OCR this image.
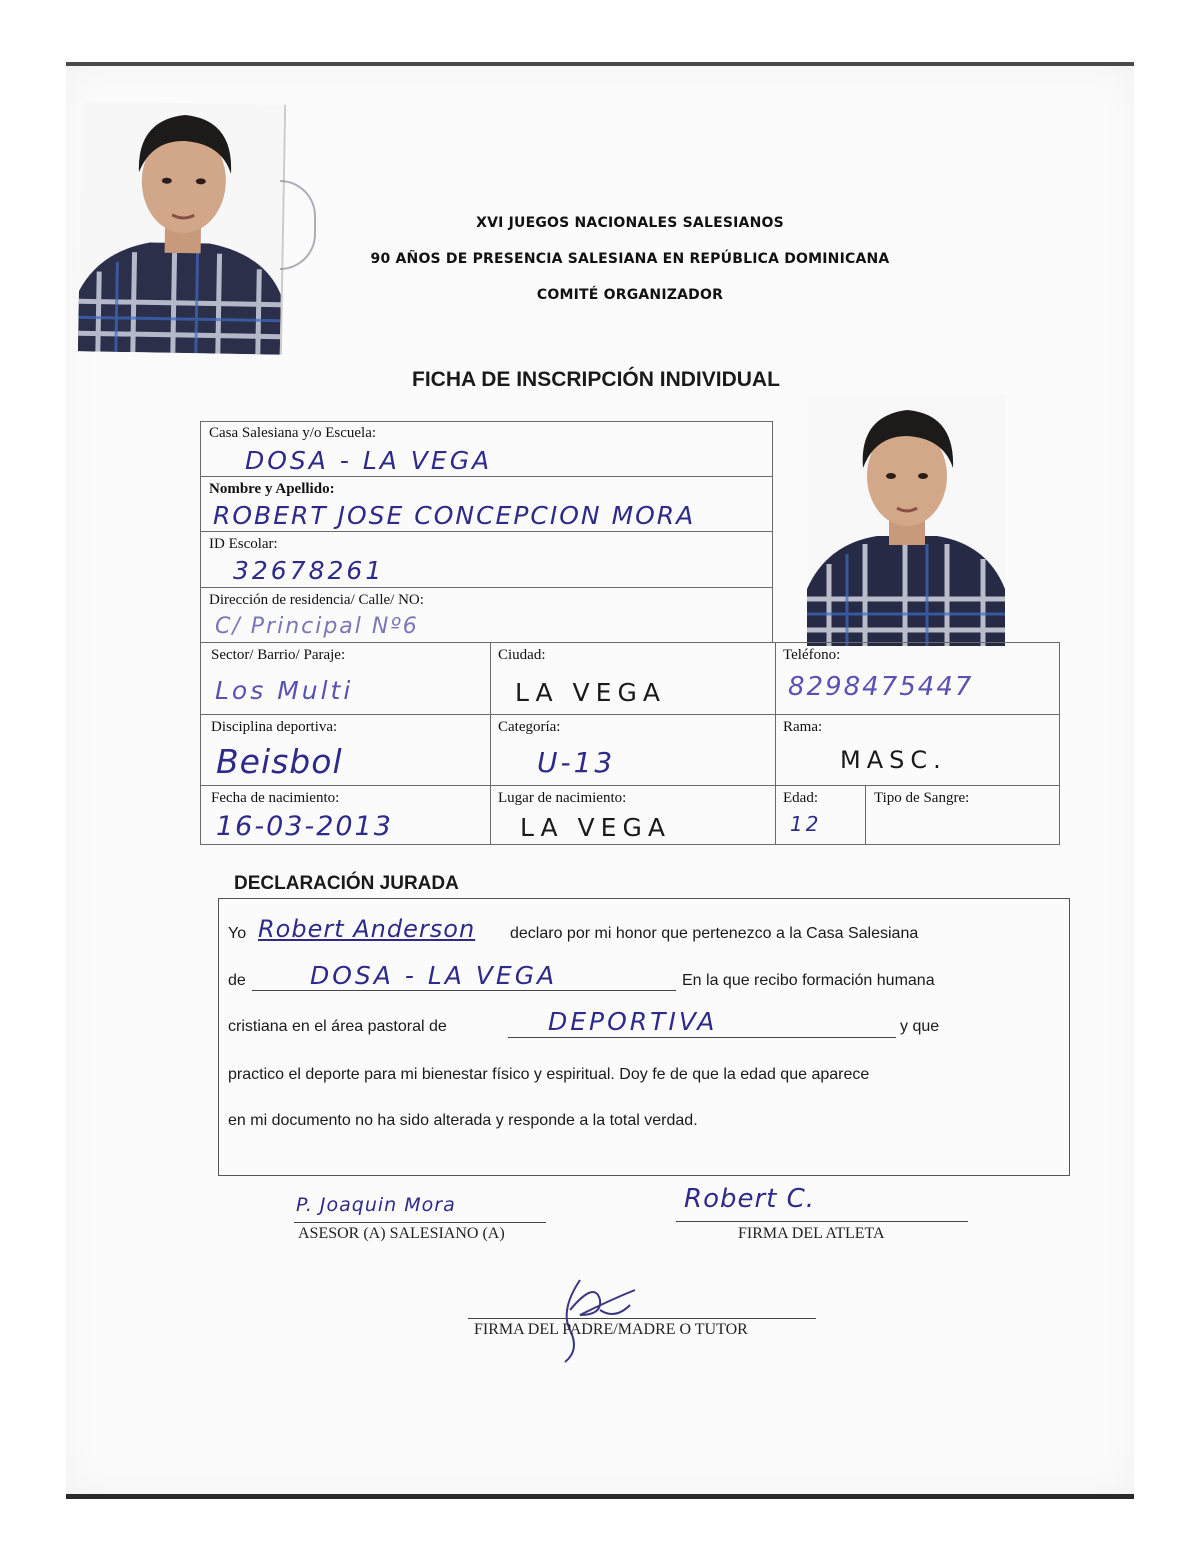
XVI JUEGOS NACIONALES SALESIANOS
90 AÑOS DE PRESENCIA SALESIANA EN REPÚBLICA DOMINICANA
COMITÉ ORGANIZADOR
FICHA DE INSCRIPCIÓN INDIVIDUAL
Casa Salesiana y/o Escuela:
DOSA - LA VEGA
Nombre y Apellido:
ROBERT JOSE CONCEPCION MORA
ID Escolar:
32678261
Dirección de residencia/ Calle/ NO:
C/ Principal Nº6
Sector/ Barrio/ Paraje:
Los Multi
Ciudad:
LA VEGA
Teléfono:
8298475447
Disciplina deportiva:
Beisbol
Categoría:
U-13
Rama:
MASC.
Fecha de nacimiento:
16-03-2013
Lugar de nacimiento:
LA VEGA
Edad:
12
Tipo de Sangre:
DECLARACIÓN JURADA
Yo Robert Anderson declaro por mi honor que pertenezco a la Casa Salesiana
de	DOSA - LA VEGA	En la que recibo formación humana
cristiana en el área pastoral de	DEPORTIVA	y que
practico el deporte para mi bienestar físico y espiritual. Doy fe de que la edad que aparece
en mi documento no ha sido alterada y responde a la total verdad.
P. Joaquin Mora
ASESOR (A) SALESIANO (A)
Robert C.
FIRMA DEL ATLETA
FIRMA DEL PADRE/MADRE O TUTOR
